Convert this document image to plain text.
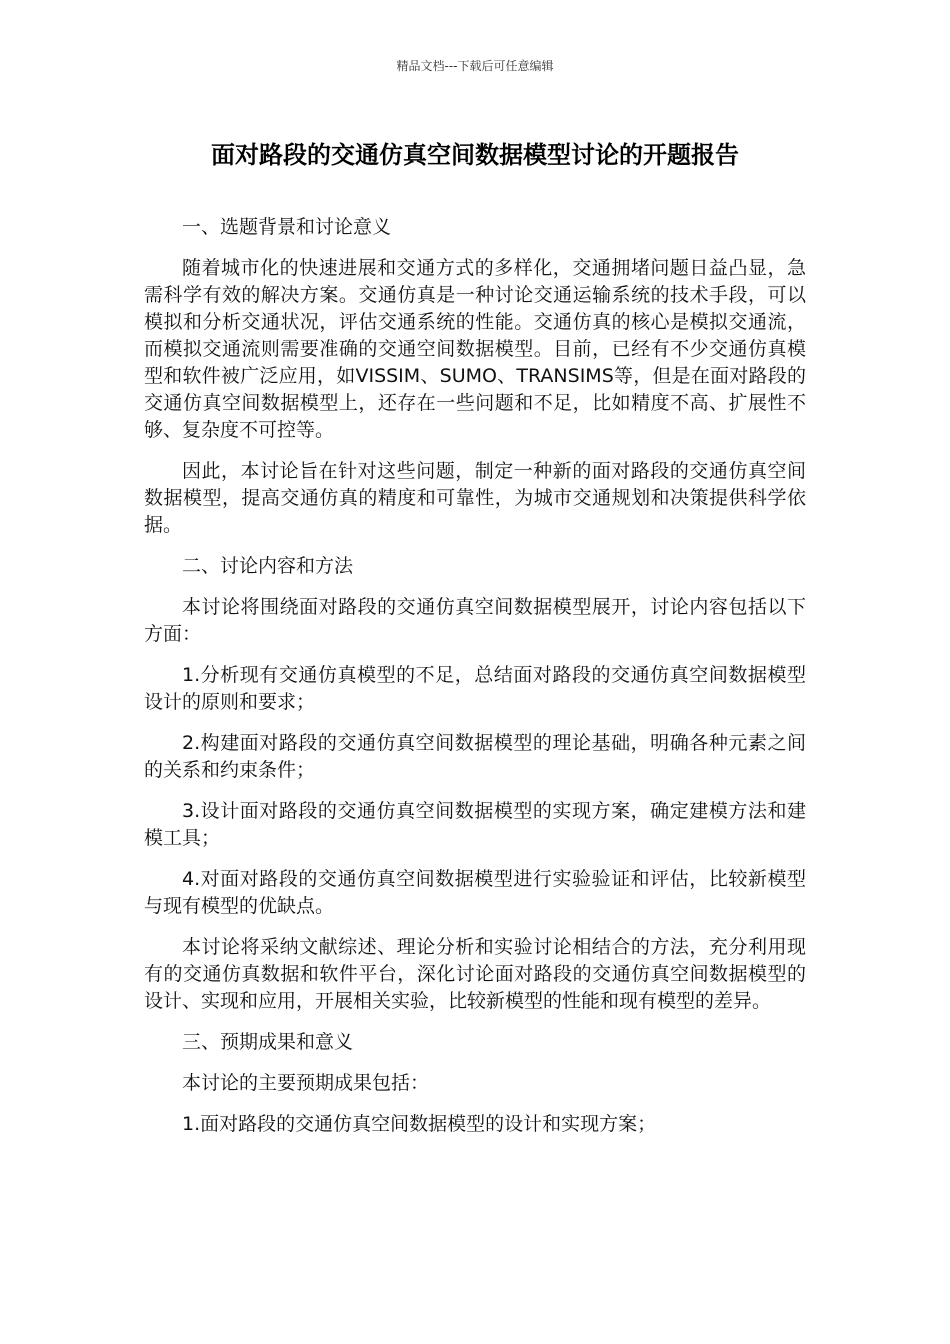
精品文档---下载后可任意编辑
面对路段的交通仿真空间数据模型讨论的开题报告

一、选题背景和讨论意义

随着城市化的快速进展和交通方式的多样化，交通拥堵问题日益凸显，急需科学有效的解决方案。交通仿真是一种讨论交通运输系统的技术手段，可以模拟和分析交通状况，评估交通系统的性能。交通仿真的核心是模拟交通流，而模拟交通流则需要准确的交通空间数据模型。目前，已经有不少交通仿真模型和软件被广泛应用，如VISSIM、SUMO、TRANSIMS等，但是在面对路段的交通仿真空间数据模型上，还存在一些问题和不足，比如精度不高、扩展性不够、复杂度不可控等。

因此，本讨论旨在针对这些问题，制定一种新的面对路段的交通仿真空间数据模型，提高交通仿真的精度和可靠性，为城市交通规划和决策提供科学依据。

二、讨论内容和方法

本讨论将围绕面对路段的交通仿真空间数据模型展开，讨论内容包括以下方面：

1.分析现有交通仿真模型的不足，总结面对路段的交通仿真空间数据模型设计的原则和要求；

2.构建面对路段的交通仿真空间数据模型的理论基础，明确各种元素之间的关系和约束条件；

3.设计面对路段的交通仿真空间数据模型的实现方案，确定建模方法和建模工具；

4.对面对路段的交通仿真空间数据模型进行实验验证和评估，比较新模型与现有模型的优缺点。

本讨论将采纳文献综述、理论分析和实验讨论相结合的方法，充分利用现有的交通仿真数据和软件平台，深化讨论面对路段的交通仿真空间数据模型的设计、实现和应用，开展相关实验，比较新模型的性能和现有模型的差异。

三、预期成果和意义

本讨论的主要预期成果包括：

1.面对路段的交通仿真空间数据模型的设计和实现方案；
